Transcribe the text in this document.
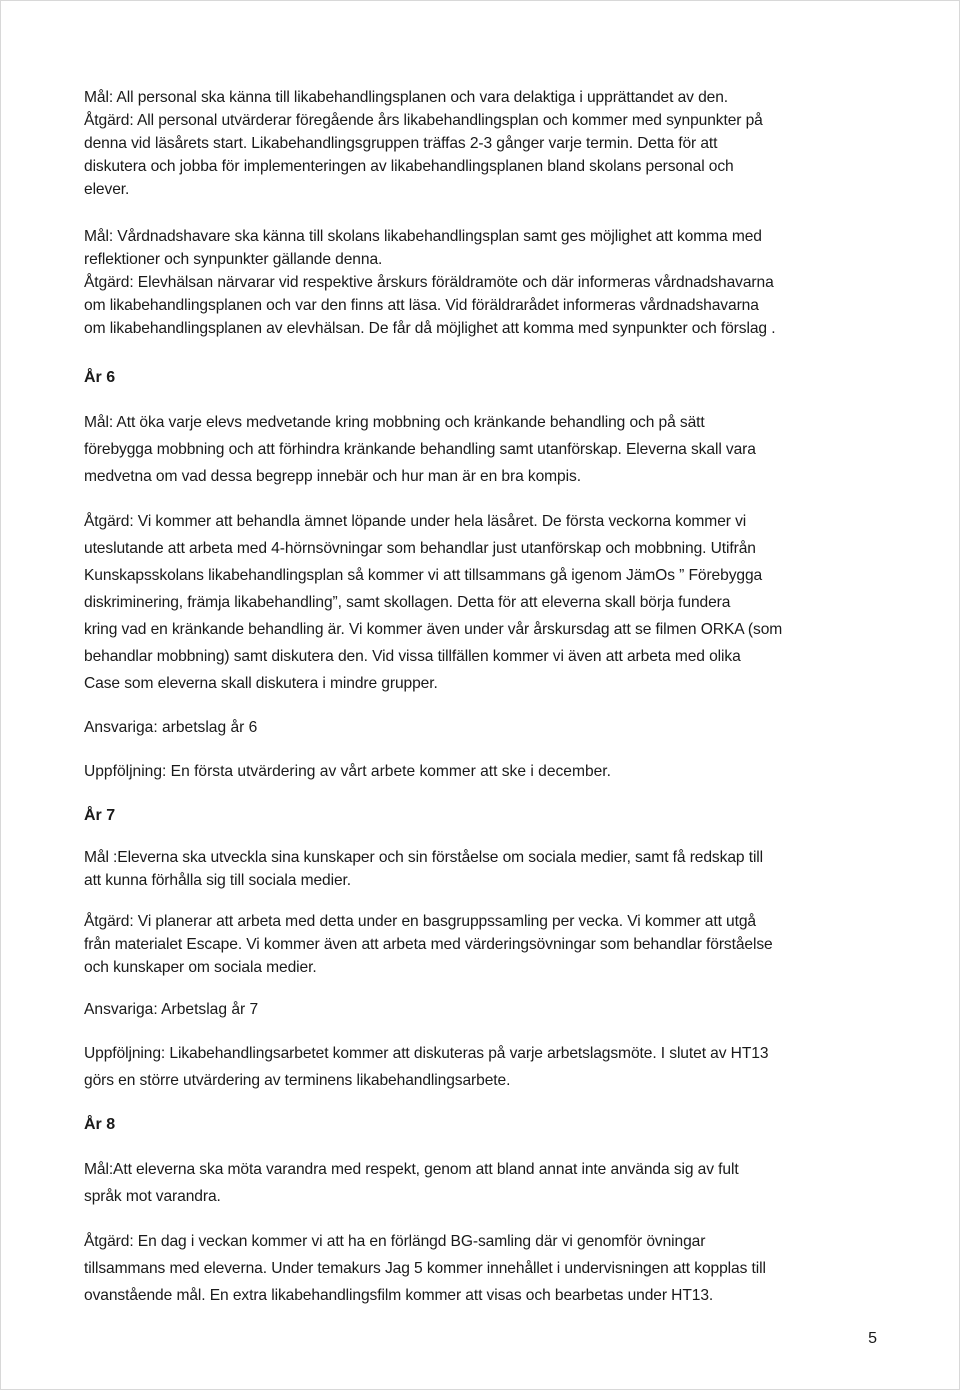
Mål: All personal ska känna till likabehandlingsplanen och vara delaktiga i upprättandet av den.
Åtgärd: All personal utvärderar föregående års likabehandlingsplan och kommer med synpunkter på
denna vid läsårets start. Likabehandlingsgruppen träffas 2-3 gånger varje termin. Detta för att
diskutera och jobba för implementeringen av likabehandlingsplanen bland skolans personal och
elever.

Mål: Vårdnadshavare ska känna till skolans likabehandlingsplan samt ges möjlighet att komma med
reflektioner och synpunkter gällande denna.
Åtgärd: Elevhälsan närvarar vid respektive årskurs föräldramöte och där informeras vårdnadshavarna
om likabehandlingsplanen och var den finns att läsa. Vid föräldrarådet informeras vårdnadshavarna
om likabehandlingsplanen av elevhälsan. De får då möjlighet att komma med synpunkter och förslag .

År 6

Mål: Att öka varje elevs medvetande kring mobbning och kränkande behandling och på sätt
förebygga mobbning och att förhindra kränkande behandling samt utanförskap. Eleverna skall vara
medvetna om vad dessa begrepp innebär och hur man är en bra kompis.

Åtgärd: Vi kommer att behandla ämnet löpande under hela läsåret. De första veckorna kommer vi
uteslutande att arbeta med 4-hörnsövningar som behandlar just utanförskap och mobbning. Utifrån
Kunskapsskolans likabehandlingsplan så kommer vi att tillsammans gå igenom JämOs ” Förebygga
diskriminering, främja likabehandling”, samt skollagen. Detta för att eleverna skall börja fundera
kring vad en kränkande behandling är. Vi kommer även under vår årskursdag att se filmen ORKA (som
behandlar mobbning) samt diskutera den. Vid vissa tillfällen kommer vi även att arbeta med olika
Case som eleverna skall diskutera i mindre grupper.

Ansvariga: arbetslag år 6

Uppföljning: En första utvärdering av vårt arbete kommer att ske i december.

År 7

Mål :Eleverna ska utveckla sina kunskaper och sin förståelse om sociala medier, samt få redskap till
att kunna förhålla sig till sociala medier.

Åtgärd: Vi planerar att arbeta med detta under en basgruppssamling per vecka. Vi kommer att utgå
från materialet Escape. Vi kommer även att arbeta med värderingsövningar som behandlar förståelse
och kunskaper om sociala medier.

Ansvariga: Arbetslag år 7

Uppföljning: Likabehandlingsarbetet kommer att diskuteras på varje arbetslagsmöte. I slutet av HT13
görs en större utvärdering av terminens likabehandlingsarbete.

År 8

Mål:Att eleverna ska möta varandra med respekt, genom att bland annat inte använda sig av fult
språk mot varandra.

Åtgärd: En dag i veckan kommer vi att ha en förlängd BG-samling där vi genomför övningar
tillsammans med eleverna. Under temakurs Jag 5 kommer innehållet i undervisningen att kopplas till
ovanstående mål. En extra likabehandlingsfilm kommer att visas och bearbetas under HT13.

5
